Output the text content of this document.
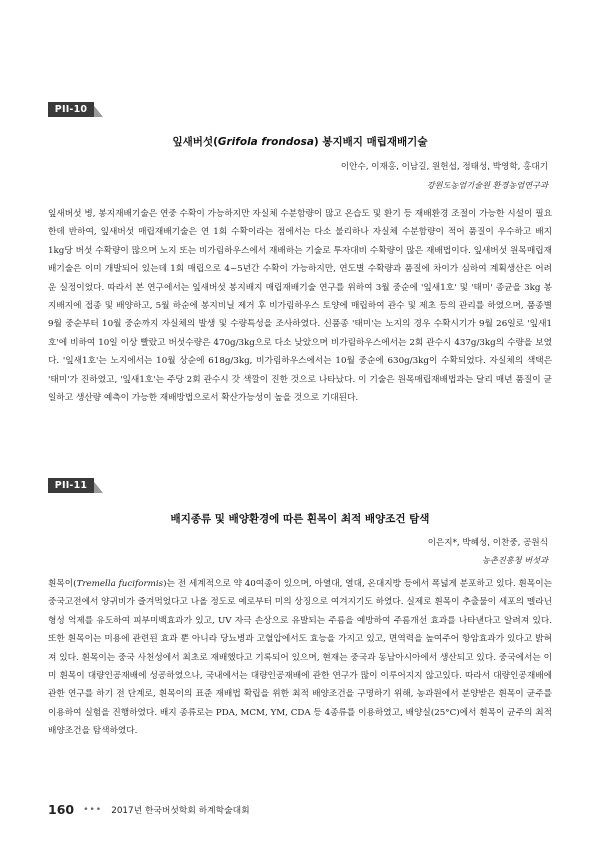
PII-10
잎새버섯(Grifola frondosa) 봉지배지 매립재배기술
이안수, 이재홍, 이남길, 원헌섭, 정태성, 박영학, 홍대기
강원도농업기술원 환경농업연구과
잎새버섯 병, 봉지재배기술은 연중 수확이 가능하지만 자실체 수분함량이 많고 온습도 및 환기 등 재배환경 조절이 가능한 시설이 필요한데 반하여, 잎새버섯 매립재배기술은 연 1회 수확이라는 점에서는 다소 불리하나 자실체 수분함량이 적어 품질이 우수하고 배지 1kg당 버섯 수확량이 많으며 노지 또는 비가림하우스에서 재배하는 기술로 투자대비 수확량이 많은 재배법이다. 잎새버섯 원목매립재배기술은 이미 개발되어 있는데 1회 매립으로 4~5년간 수확이 가능하지만, 연도별 수확량과 품질에 차이가 심하여 계획생산은 어려운 실정이었다. 따라서 본 연구에서는 잎새버섯 봉지배지 매립재배기술 연구를 위하여 3월 중순에 '잎새1호' 및 '태미' 종균을 3kg 봉지배지에 접종 및 배양하고, 5월 하순에 봉지비닐 제거 후 비가림하우스 토양에 매립하여 관수 및 제초 등의 관리를 하였으며, 품종별 9월 중순부터 10월 중순까지 자실체의 발생 및 수량특성을 조사하였다. 신품종 '태미'는 노지의 경우 수확시기가 9월 26일로 '잎새1호'에 비하여 10일 이상 빨랐고 버섯수량은 470g/3kg으로 다소 낮았으며 비가림하우스에서는 2회 관수시 437g/3kg의 수량을 보였다. '잎새1호'는 노지에서는 10월 상순에 618g/3kg, 비가림하우스에서는 10월 중순에 630g/3kg이 수확되었다. 자실체의 색택은 '태미'가 진하였고, '잎새1호'는 주당 2회 관수시 갓 색깔이 진한 것으로 나타났다. 이 기술은 원목매립재배법과는 달리 매년 품질이 균일하고 생산량 예측이 가능한 재배방법으로서 확산가능성이 높을 것으로 기대된다.
PII-11
배지종류 및 배양환경에 따른 흰목이 최적 배양조건 탐색
이은지*, 박혜성, 이찬중, 공원식
농촌진흥청 버섯과
흰목이(Tremella fuciformis)는 전 세계적으로 약 40여종이 있으며, 아열대, 열대, 온대지방 등에서 폭넓게 분포하고 있다. 흰목이는 중국고전에서 양귀비가 즐겨먹었다고 나올 정도로 예로부터 미의 상징으로 여겨지기도 하였다. 실제로 흰목이 추출물이 세포의 멜라닌형성 억제를 유도하여 피부미백효과가 있고, UV 자극 손상으로 유발되는 주름을 예방하여 주름개선 효과를 나타낸다고 알려져 있다. 또한 흰목이는 미용에 관련된 효과 뿐 아니라 당뇨병과 고혈압에서도 효능을 가지고 있고, 면역력을 높여주어 항암효과가 있다고 밝혀져 있다. 흰목이는 중국 사천성에서 최초로 재배했다고 기록되어 있으며, 현재는 중국과 동남아시아에서 생산되고 있다. 중국에서는 이미 흰목이 대량인공재배에 성공하였으나, 국내에서는 대량인공재배에 관한 연구가 많이 이루어지지 않고있다. 따라서 대량인공재배에 관한 연구를 하기 전 단계로, 흰목이의 표준 재배법 확립을 위한 최적 배양조건을 구명하기 위해, 농과원에서 분양받은 흰목이 균주를 이용하여 실험을 진행하였다. 배지 종류로는 PDA, MCM, YM, CDA 등 4종류를 이용하였고, 배양실(25°C)에서 흰목이 균주의 최적 배양조건을 탐색하였다.
160 ••• 2017년 한국버섯학회 하계학술대회
